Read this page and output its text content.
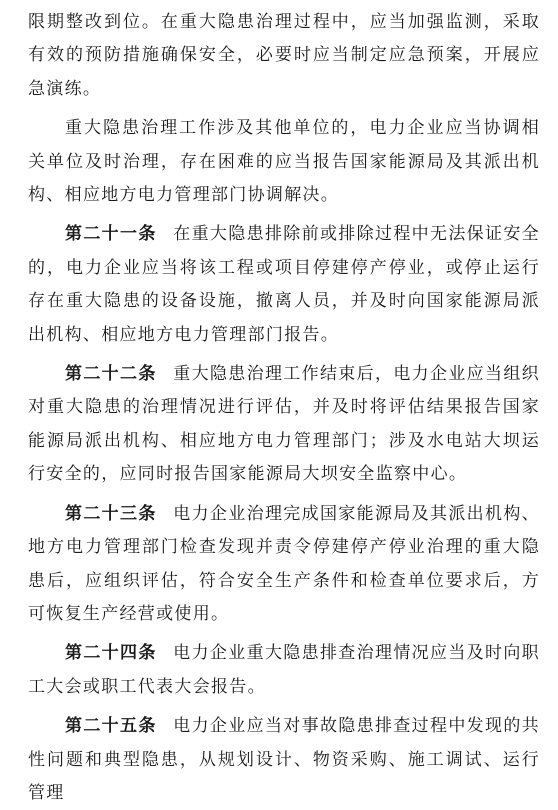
限期整改到位。在重大隐患治理过程中，应当加强监测，采取有效的预防措施确保安全，必要时应当制定应急预案，开展应急演练。

重大隐患治理工作涉及其他单位的，电力企业应当协调相关单位及时治理，存在困难的应当报告国家能源局及其派出机构、相应地方电力管理部门协调解决。

第二十一条  在重大隐患排除前或排除过程中无法保证安全的，电力企业应当将该工程或项目停建停产停业，或停止运行存在重大隐患的设备设施，撤离人员，并及时向国家能源局派出机构、相应地方电力管理部门报告。

第二十二条  重大隐患治理工作结束后，电力企业应当组织对重大隐患的治理情况进行评估，并及时将评估结果报告国家能源局派出机构、相应地方电力管理部门；涉及水电站大坝运行安全的，应同时报告国家能源局大坝安全监察中心。

第二十三条  电力企业治理完成国家能源局及其派出机构、地方电力管理部门检查发现并责令停建停产停业治理的重大隐患后，应组织评估，符合安全生产条件和检查单位要求后，方可恢复生产经营或使用。

第二十四条  电力企业重大隐患排查治理情况应当及时向职工大会或职工代表大会报告。

第二十五条  电力企业应当对事故隐患排查过程中发现的共性问题和典型隐患，从规划设计、物资采购、施工调试、运行管理
